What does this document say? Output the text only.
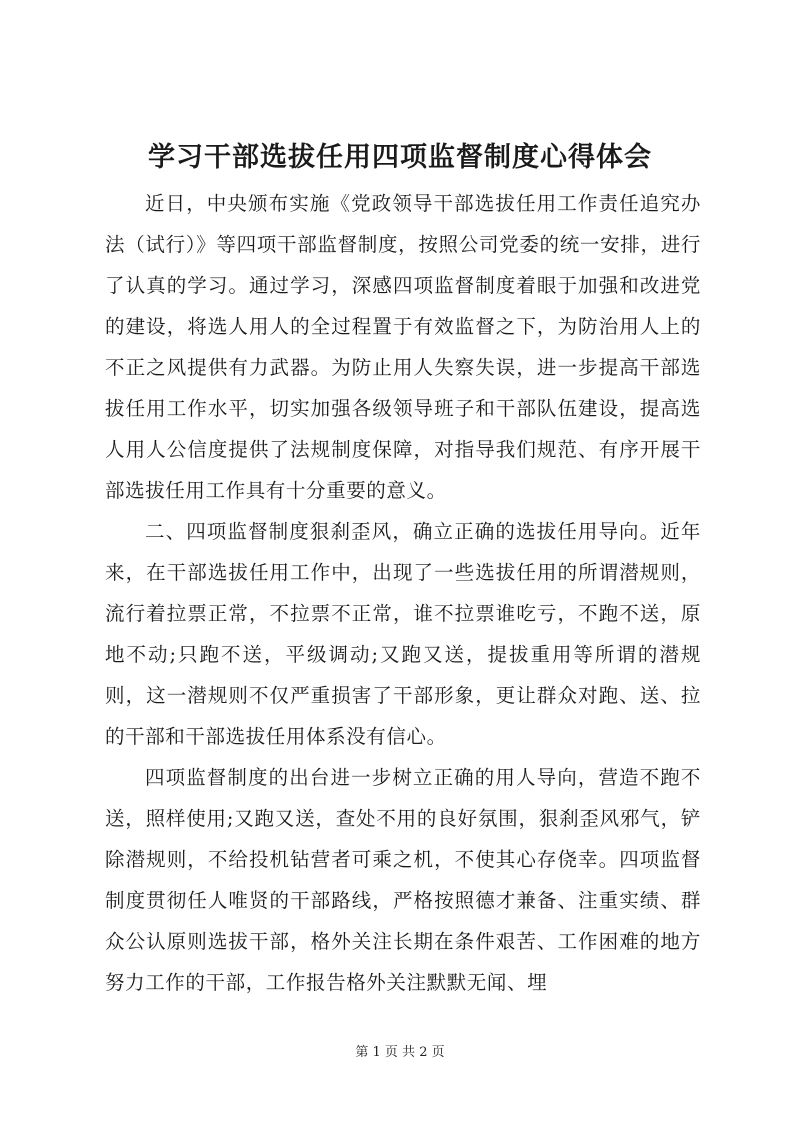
学习干部选拔任用四项监督制度心得体会

近日，中央颁布实施《党政领导干部选拔任用工作责任追究办法（试行）》等四项干部监督制度，按照公司党委的统一安排，进行了认真的学习。通过学习，深感四项监督制度着眼于加强和改进党的建设，将选人用人的全过程置于有效监督之下，为防治用人上的不正之风提供有力武器。为防止用人失察失误，进一步提高干部选拔任用工作水平，切实加强各级领导班子和干部队伍建设，提高选人用人公信度提供了法规制度保障，对指导我们规范、有序开展干部选拔任用工作具有十分重要的意义。

二、四项监督制度狠刹歪风，确立正确的选拔任用导向。近年来，在干部选拔任用工作中，出现了一些选拔任用的所谓潜规则，流行着拉票正常，不拉票不正常，谁不拉票谁吃亏，不跑不送，原地不动;只跑不送，平级调动;又跑又送，提拔重用等所谓的潜规则，这一潜规则不仅严重损害了干部形象，更让群众对跑、送、拉的干部和干部选拔任用体系没有信心。

四项监督制度的出台进一步树立正确的用人导向，营造不跑不送，照样使用;又跑又送，查处不用的良好氛围，狠刹歪风邪气，铲除潜规则，不给投机钻营者可乘之机，不使其心存侥幸。四项监督制度贯彻任人唯贤的干部路线，严格按照德才兼备、注重实绩、群众公认原则选拔干部，格外关注长期在条件艰苦、工作困难的地方努力工作的干部，工作报告格外关注默默无闻、埋

第 1 页 共 2 页
